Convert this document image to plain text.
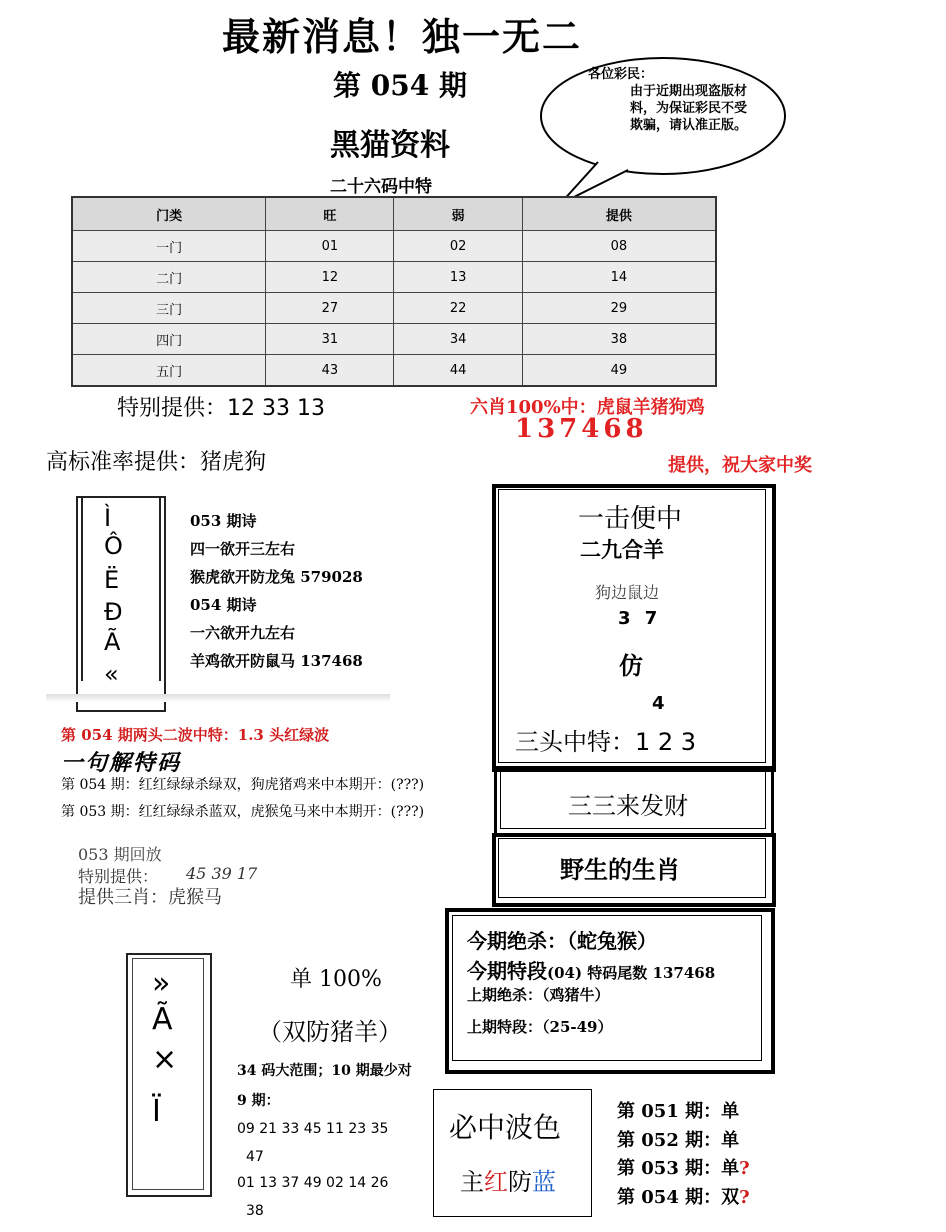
最新消息！独一无二
第 054 期
黑猫资料
各位彩民：
由于近期出现盗版材料，为保证彩民不受欺骗，请认准正版。
二十六码中特
门类	旺	弱	提供
一门	01	02	08
二门	12	13	14
三门	27	22	29
四门	31	34	38
五门	43	44	49
特别提供：12 33 13	六肖100%中：虎鼠羊猪狗鸡
137468
高标准率提供：猪虎狗	提供，祝大家中奖
Ì
Ô
Ë
Ð
Ã
«
053 期诗
四一欲开三左右
猴虎欲开防龙兔 579028
054 期诗
一六欲开九左右
羊鸡欲开防鼠马 137468
第 054 期两头二波中特：1.3 头红绿波
一句解特码
第 054 期：红红绿绿杀绿双，狗虎猪鸡来中本期开：(???)
第 053 期：红红绿绿杀蓝双，虎猴兔马来中本期开：(???)
053 期回放
特别提供： 45 39 17
提供三肖：虎猴马
一击便中
二九合羊
狗边鼠边
3 7
仿
4
三头中特：1 2 3
三三来发财
野生的生肖
今期绝杀：（蛇兔猴）
今期特段(04) 特码尾数 137468
上期绝杀：（鸡猪牛）
上期特段：（25-49）
»
Ã
×
Ï
单 100%
（双防猪羊）
34 码大范围；10 期最少对
9 期：
09 21 33 45 11 23 35
47
01 13 37 49 02 14 26
38
必中波色
主红防蓝
第 051 期：单
第 052 期：单
第 053 期：单?
第 054 期：双?
